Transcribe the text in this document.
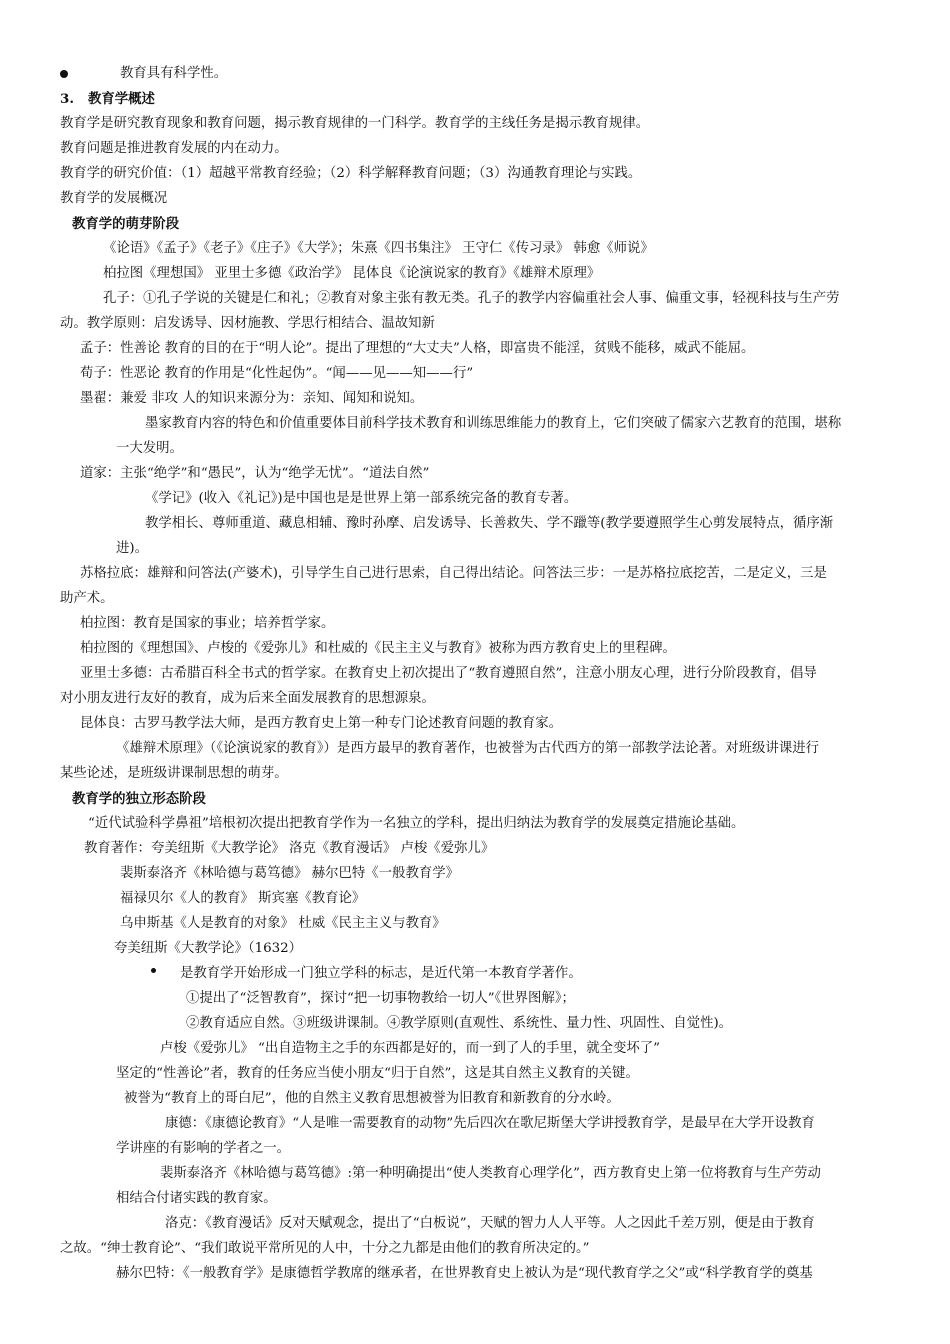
教育具有科学性。
3. 教育学概述
教育学是研究教育现象和教育问题，揭示教育规律的一门科学。教育学的主线任务是揭示教育规律。
教育问题是推进教育发展的内在动力。
教育学的研究价值：（1）超越平常教育经验；（2）科学解释教育问题；（3）沟通教育理论与实践。
教育学的发展概况
教育学的萌芽阶段
《论语》《孟子》《老子》《庄子》《大学》；朱熹《四书集注》 王守仁《传习录》 韩愈《师说》
柏拉图《理想国》 亚里士多德《政治学》 昆体良《论演说家的教育》《雄辩术原理》
孔子：①孔子学说的关键是仁和礼；②教育对象主张有教无类。孔子的教学内容偏重社会人事、偏重文事，轻视科技与生产劳
动。教学原则：启发诱导、因材施教、学思行相结合、温故知新
孟子：性善论 教育的目的在于“明人论”。提出了理想的“大丈夫”人格，即富贵不能淫，贫贱不能移，威武不能屈。
荀子：性恶论 教育的作用是“化性起伪”。“闻——见——知——行”
墨翟：兼爱 非攻 人的知识来源分为：亲知、闻知和说知。
墨家教育内容的特色和价值重要体目前科学技术教育和训练思维能力的教育上，它们突破了儒家六艺教育的范围，堪称
一大发明。
道家：主张“绝学”和“愚民”，认为“绝学无忧”。“道法自然”
《学记》(收入《礼记》)是中国也是是世界上第一部系统完备的教育专著。
教学相长、尊师重道、藏息相辅、豫时孙摩、启发诱导、长善救失、学不躐等(教学要遵照学生心剪发展特点，循序渐
进)。
苏格拉底：雄辩和问答法(产婆术)，引导学生自己进行思索，自己得出结论。问答法三步：一是苏格拉底挖苦，二是定义，三是
助产术。
柏拉图：教育是国家的事业；培养哲学家。
柏拉图的《理想国》、卢梭的《爱弥儿》和杜威的《民主主义与教育》被称为西方教育史上的里程碑。
亚里士多德：古希腊百科全书式的哲学家。在教育史上初次提出了“教育遵照自然”，注意小朋友心理，进行分阶段教育，倡导
对小朋友进行友好的教育，成为后来全面发展教育的思想源泉。
昆体良：古罗马教学法大师，是西方教育史上第一种专门论述教育问题的教育家。
《雄辩术原理》（《论演说家的教育》）是西方最早的教育著作，也被誉为古代西方的第一部教学法论著。对班级讲课进行
某些论述，是班级讲课制思想的萌芽。
教育学的独立形态阶段
“近代试验科学鼻祖”培根初次提出把教育学作为一名独立的学科，提出归纳法为教育学的发展奠定措施论基础。
教育著作：夸美纽斯《大教学论》 洛克《教育漫话》 卢梭《爱弥儿》
裴斯泰洛齐《林哈德与葛笃德》 赫尔巴特《一般教育学》
福禄贝尔《人的教育》 斯宾塞《教育论》
乌申斯基《人是教育的对象》 杜威《民主主义与教育》
夸美纽斯《大教学论》（1632）
是教育学开始形成一门独立学科的标志，是近代第一本教育学著作。
①提出了“泛智教育”，探讨“把一切事物教给一切人”《世界图解》；
②教育适应自然。③班级讲课制。④教学原则(直观性、系统性、量力性、巩固性、自觉性)。
卢梭《爱弥儿》 “出自造物主之手的东西都是好的，而一到了人的手里，就全变坏了”
坚定的“性善论”者，教育的任务应当使小朋友“归于自然”，这是其自然主义教育的关键。
被誉为“教育上的哥白尼”，他的自然主义教育思想被誉为旧教育和新教育的分水岭。
康德：《康德论教育》“人是唯一需要教育的动物”先后四次在歌尼斯堡大学讲授教育学，是最早在大学开设教育
学讲座的有影响的学者之一。
裴斯泰洛齐《林哈德与葛笃德》:第一种明确提出“使人类教育心理学化”，西方教育史上第一位将教育与生产劳动
相结合付诸实践的教育家。
洛克：《教育漫话》反对天赋观念，提出了“白板说”，天赋的智力人人平等。人之因此千差万别，便是由于教育
之故。“绅士教育论”、“我们敢说平常所见的人中，十分之九都是由他们的教育所决定的。”
赫尔巴特：《一般教育学》是康德哲学教席的继承者，在世界教育史上被认为是“现代教育学之父”或“科学教育学的奠基
